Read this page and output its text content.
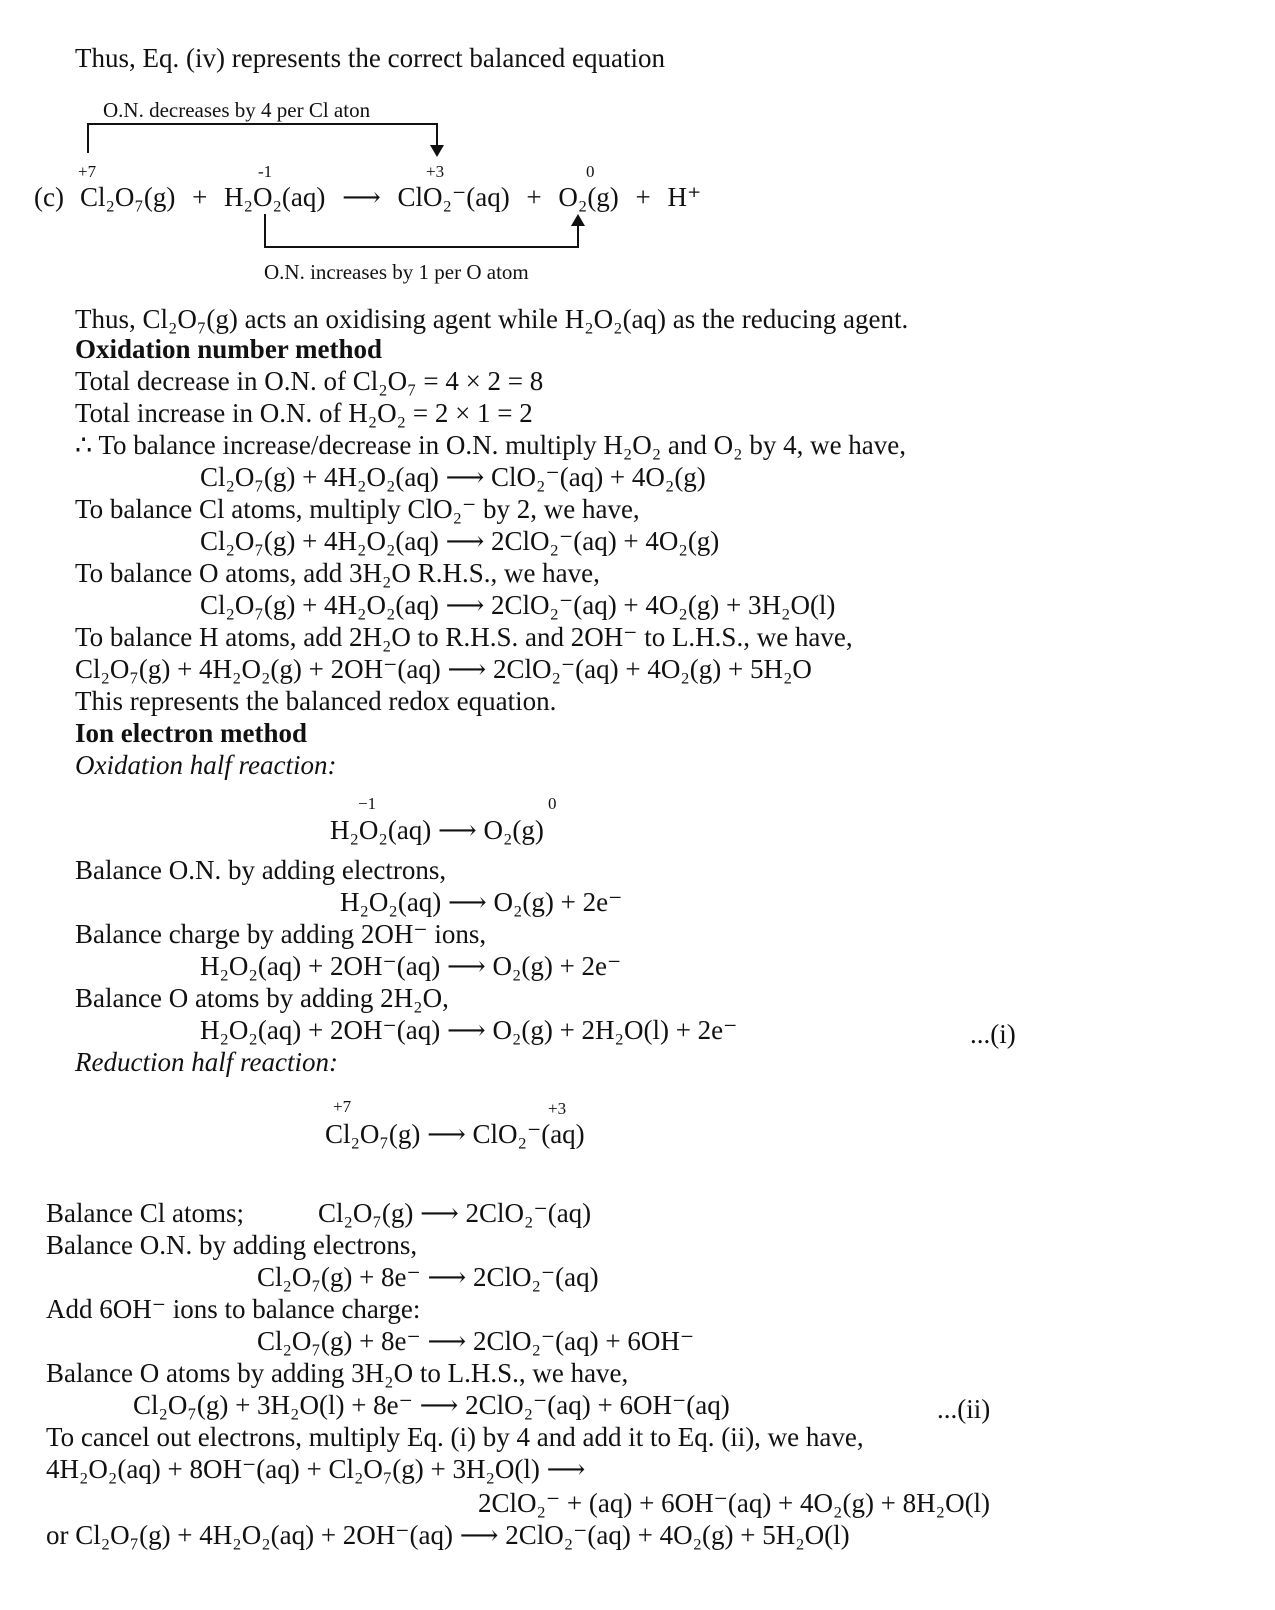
Thus, Eq. (iv) represents the correct balanced equation
O.N. decreases by 4 per Cl aton
+7	-1	+3	0
(c) Cl₂O₇(g) + H₂O₂(aq) ⟶ ClO₂⁻(aq) + O₂(g) + H⁺
O.N. increases by 1 per O atom
Thus, Cl₂O₇(g) acts an oxidising agent while H₂O₂(aq) as the reducing agent.
Oxidation number method
Total decrease in O.N. of Cl₂O₇ = 4 × 2 = 8
Total increase in O.N. of H₂O₂ = 2 × 1 = 2
∴ To balance increase/decrease in O.N. multiply H₂O₂ and O₂ by 4, we have,
Cl₂O₇(g) + 4H₂O₂(aq) ⟶ ClO₂⁻(aq) + 4O₂(g)
To balance Cl atoms, multiply ClO₂⁻ by 2, we have,
Cl₂O₇(g) + 4H₂O₂(aq) ⟶ 2ClO₂⁻(aq) + 4O₂(g)
To balance O atoms, add 3H₂O R.H.S., we have,
Cl₂O₇(g) + 4H₂O₂(aq) ⟶ 2ClO₂⁻(aq) + 4O₂(g) + 3H₂O(l)
To balance H atoms, add 2H₂O to R.H.S. and 2OH⁻ to L.H.S., we have,
Cl₂O₇(g) + 4H₂O₂(g) + 2OH⁻(aq) ⟶ 2ClO₂⁻(aq) + 4O₂(g) + 5H₂O
This represents the balanced redox equation.
Ion electron method
Oxidation half reaction:
−1	0
H₂O₂(aq) ⟶ O₂(g)
Balance O.N. by adding electrons,
H₂O₂(aq) ⟶ O₂(g) + 2e⁻
Balance charge by adding 2OH⁻ ions,
H₂O₂(aq) + 2OH⁻(aq) ⟶ O₂(g) + 2e⁻
Balance O atoms by adding 2H₂O,
H₂O₂(aq) + 2OH⁻(aq) ⟶ O₂(g) + 2H₂O(l) + 2e⁻	...(i)
Reduction half reaction:
+7	+3
Cl₂O₇(g) ⟶ ClO₂⁻(aq)
Balance Cl atoms;	Cl₂O₇(g) ⟶ 2ClO₂⁻(aq)
Balance O.N. by adding electrons,
Cl₂O₇(g) + 8e⁻ ⟶ 2ClO₂⁻(aq)
Add 6OH⁻ ions to balance charge:
Cl₂O₇(g) + 8e⁻ ⟶ 2ClO₂⁻(aq) + 6OH⁻
Balance O atoms by adding 3H₂O to L.H.S., we have,
Cl₂O₇(g) + 3H₂O(l) + 8e⁻ ⟶ 2ClO₂⁻(aq) + 6OH⁻(aq)	...(ii)
To cancel out electrons, multiply Eq. (i) by 4 and add it to Eq. (ii), we have,
4H₂O₂(aq) + 8OH⁻(aq) + Cl₂O₇(g) + 3H₂O(l) ⟶
2ClO₂⁻ + (aq) + 6OH⁻(aq) + 4O₂(g) + 8H₂O(l)
or Cl₂O₇(g) + 4H₂O₂(aq) + 2OH⁻(aq) ⟶ 2ClO₂⁻(aq) + 4O₂(g) + 5H₂O(l)
